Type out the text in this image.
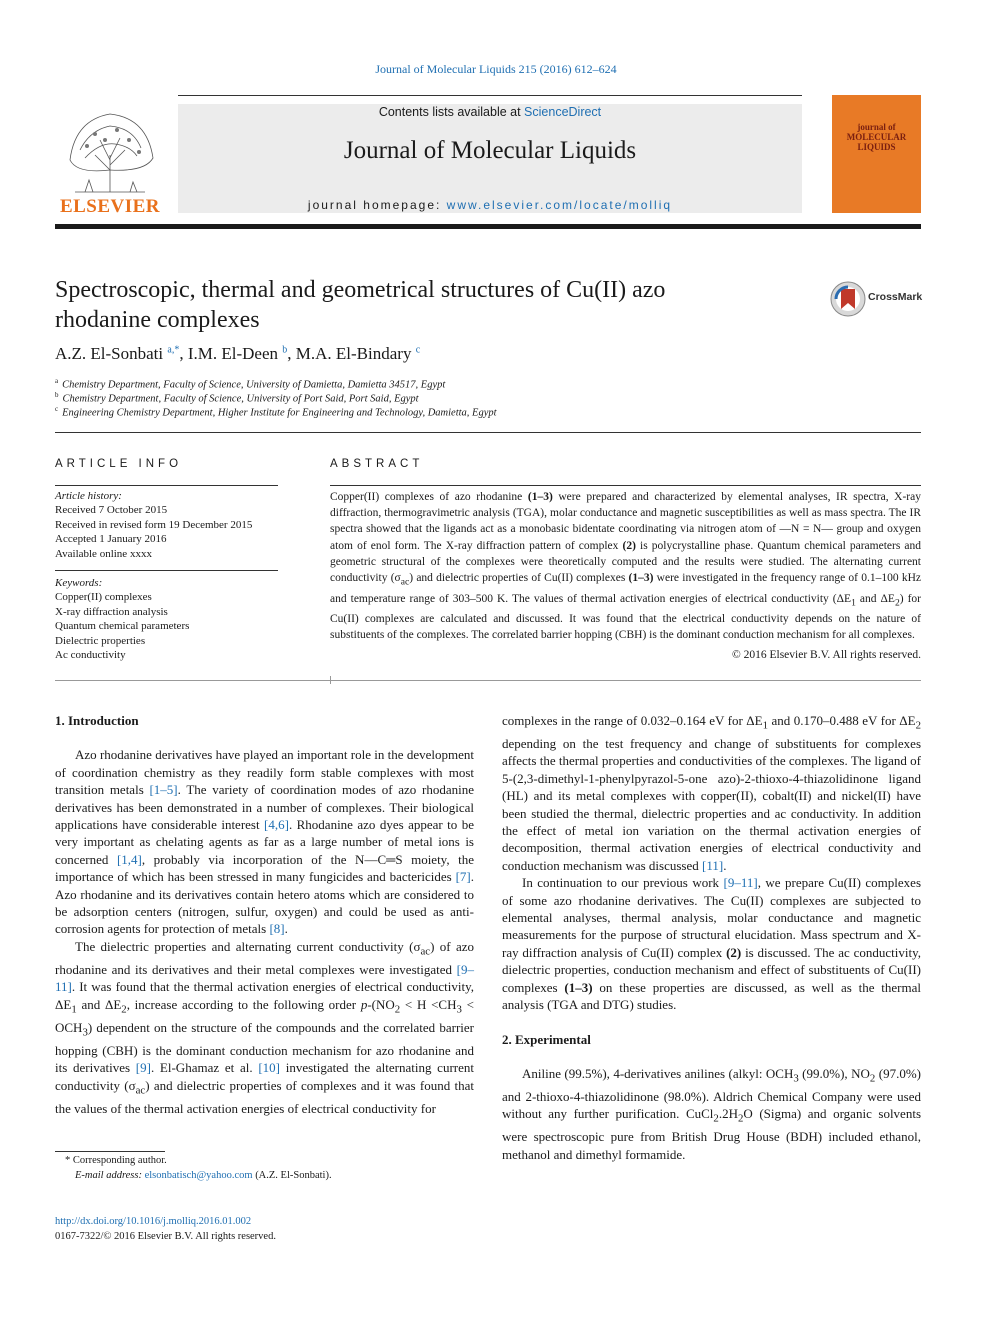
Journal of Molecular Liquids 215 (2016) 612–624
ELSEVIER
Contents lists available at ScienceDirect
Journal of Molecular Liquids
journal homepage: www.elsevier.com/locate/molliq
journal of MOLECULAR LIQUIDS
Spectroscopic, thermal and geometrical structures of Cu(II) azo
rhodanine complexes
CrossMark
A.Z. El-Sonbati $^{a,*}$, I.M. El-Deen $^b$, M.A. El-Bindary $^c$
$^a$ Chemistry Department, Faculty of Science, University of Damietta, Damietta 34517, Egypt
$^b$ Chemistry Department, Faculty of Science, University of Port Said, Port Said, Egypt
$^c$ Engineering Chemistry Department, Higher Institute for Engineering and Technology, Damietta, Egypt
ARTICLE INFO
Article history:
Received 7 October 2015
Received in revised form 19 December 2015
Accepted 1 January 2016
Available online xxxx
Keywords:
Copper(II) complexes
X-ray diffraction analysis
Quantum chemical parameters
Dielectric properties
Ac conductivity
ABSTRACT
Copper(II) complexes of azo rhodanine (1–3) were prepared and characterized by elemental analyses, IR spectra, X-ray diffraction, thermogravimetric analysis (TGA), molar conductance and magnetic susceptibilities as well as mass spectra. The IR spectra showed that the ligands act as a monobasic bidentate coordinating via nitrogen atom of —N = N— group and oxygen atom of enol form. The X-ray diffraction pattern of complex (2) is polycrystalline phase. Quantum chemical parameters and geometric structural of the complexes were theoretically computed and the results were studied. The alternating current conductivity $(\sigma_{ac})$ and dielectric properties of Cu(II) complexes (1–3) were investigated in the frequency range of 0.1–100 kHz and temperature range of 303–500 K. The values of thermal activation energies of electrical conductivity ($\Delta E_1$ and $\Delta E_2$) for Cu(II) complexes are calculated and discussed. It was found that the electrical conductivity depends on the nature of substituents of the complexes. The correlated barrier hopping (CBH) is the dominant conduction mechanism for all complexes.
© 2016 Elsevier B.V. All rights reserved.
1. Introduction

Azo rhodanine derivatives have played an important role in the development of coordination chemistry as they readily form stable complexes with most transition metals [1–5]. The variety of coordination modes of azo rhodanine derivatives has been demonstrated in a number of complexes. Their biological applications have considerable interest [4,6]. Rhodanine azo dyes appear to be very important as chelating agents as far as a large number of metal ions is concerned [1,4], probably via incorporation of the N—C═S moiety, the importance of which has been stressed in many fungicides and bactericides [7]. Azo rhodanine and its derivatives contain hetero atoms which are considered to be adsorption centers (nitrogen, sulfur, oxygen) and could be used as anti-corrosion agents for protection of metals [8].

The dielectric properties and alternating current conductivity $(\sigma_{ac})$ of azo rhodanine and its derivatives and their metal complexes were investigated [9–11]. It was found that the thermal activation energies of electrical conductivity, $\Delta E_1$ and $\Delta E_2$, increase according to the following order $p-(NO_2 < H <CH_3 < OCH_3)$ dependent on the structure of the compounds and the correlated barrier hopping (CBH) is the dominant conduction mechanism for azo rhodanine and its derivatives [9]. El-Ghamaz et al. [10] investigated the alternating current conductivity $(\sigma_{ac})$ and dielectric properties of complexes and it was found that the values of the thermal activation energies of electrical conductivity for

complexes in the range of 0.032–0.164 eV for $\Delta E_1$ and 0.170–0.488 eV for $\Delta E_2$ depending on the test frequency and change of substituents for complexes affects the thermal properties and conductivities of the complexes. The ligand of 5-(2,3-dimethyl-1-phenylpyrazol-5-one azo)-2-thioxo-4-thiazolidinone ligand (HL) and its metal complexes with copper(II), cobalt(II) and nickel(II) have been studied the thermal, dielectric properties and ac conductivity. In addition the effect of metal ion variation on the thermal activation energies of decomposition, thermal activation energies of electrical conductivity and conduction mechanism was discussed [11].

In continuation to our previous work [9–11], we prepare Cu(II) complexes of some azo rhodanine derivatives. The Cu(II) complexes are subjected to elemental analyses, thermal analysis, molar conductance and magnetic measurements for the purpose of structural elucidation. Mass spectrum and X-ray diffraction analysis of Cu(II) complex (2) is discussed. The ac conductivity, dielectric properties, conduction mechanism and effect of substituents of Cu(II) complexes (1–3) on these properties are discussed, as well as the thermal analysis (TGA and DTG) studies.

2. Experimental

Aniline (99.5%), 4-derivatives anilines (alkyl: $OCH_3$ (99.0%), $NO_2$ (97.0%) and 2-thioxo-4-thiazolidinone (98.0%). Aldrich Chemical Company were used without any further purification. $CuCl_2.2H_2O$ (Sigma) and organic solvents were spectroscopic pure from British Drug House (BDH) included ethanol, methanol and dimethyl formamide.

* Corresponding author.
E-mail address: elsonbatisch@yahoo.com (A.Z. El-Sonbati).
http://dx.doi.org/10.1016/j.molliq.2016.01.002
0167-7322/© 2016 Elsevier B.V. All rights reserved.
